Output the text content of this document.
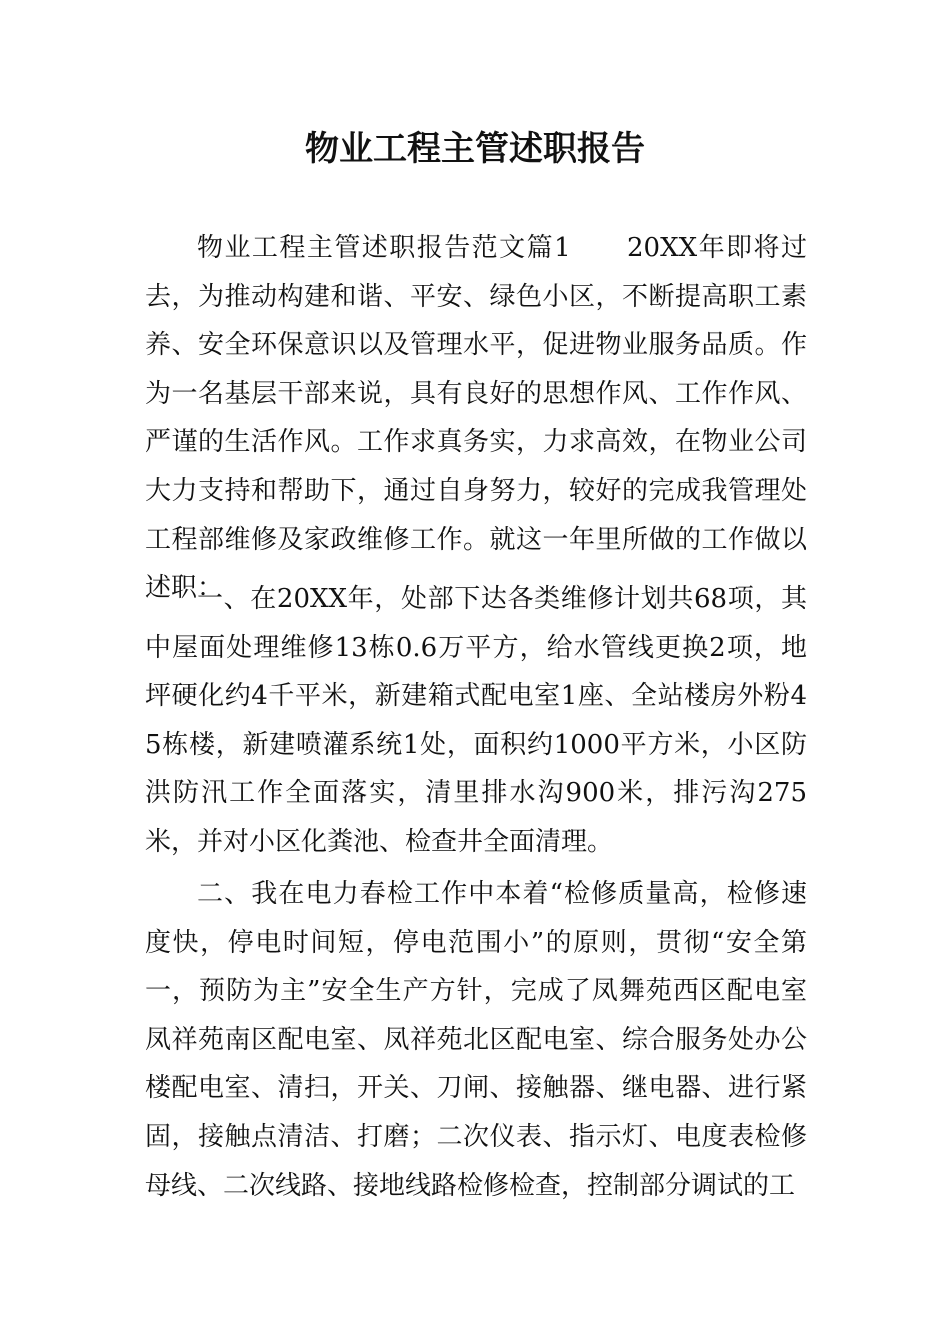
物业工程主管述职报告

物业工程主管述职报告范文篇1　　20XX年即将过去，为推动构建和谐、平安、绿色小区，不断提高职工素养、安全环保意识以及管理水平，促进物业服务品质。作为一名基层干部来说，具有良好的思想作风、工作作风、严谨的生活作风。工作求真务实，力求高效，在物业公司大力支持和帮助下，通过自身努力，较好的完成我管理处工程部维修及家政维修工作。就这一年里所做的工作做以述职：

一、在20XX年，处部下达各类维修计划共68项，其中屋面处理维修13栋0.6万平方，给水管线更换2项，地坪硬化约4千平米，新建箱式配电室1座、全站楼房外粉45栋楼，新建喷灌系统1处，面积约1000平方米，小区防洪防汛工作全面落实，清里排水沟900米，排污沟275米，并对小区化粪池、检查井全面清理。

二、我在电力春检工作中本着“检修质量高，检修速度快，停电时间短，停电范围小”的原则，贯彻“安全第一，预防为主”安全生产方针，完成了凤舞苑西区配电室凤祥苑南区配电室、凤祥苑北区配电室、综合服务处办公楼配电室、清扫，开关、刀闸、接触器、继电器、进行紧固，接触点清洁、打磨；二次仪表、指示灯、电度表检修母线、二次线路、接地线路检修检查，控制部分调试的工
